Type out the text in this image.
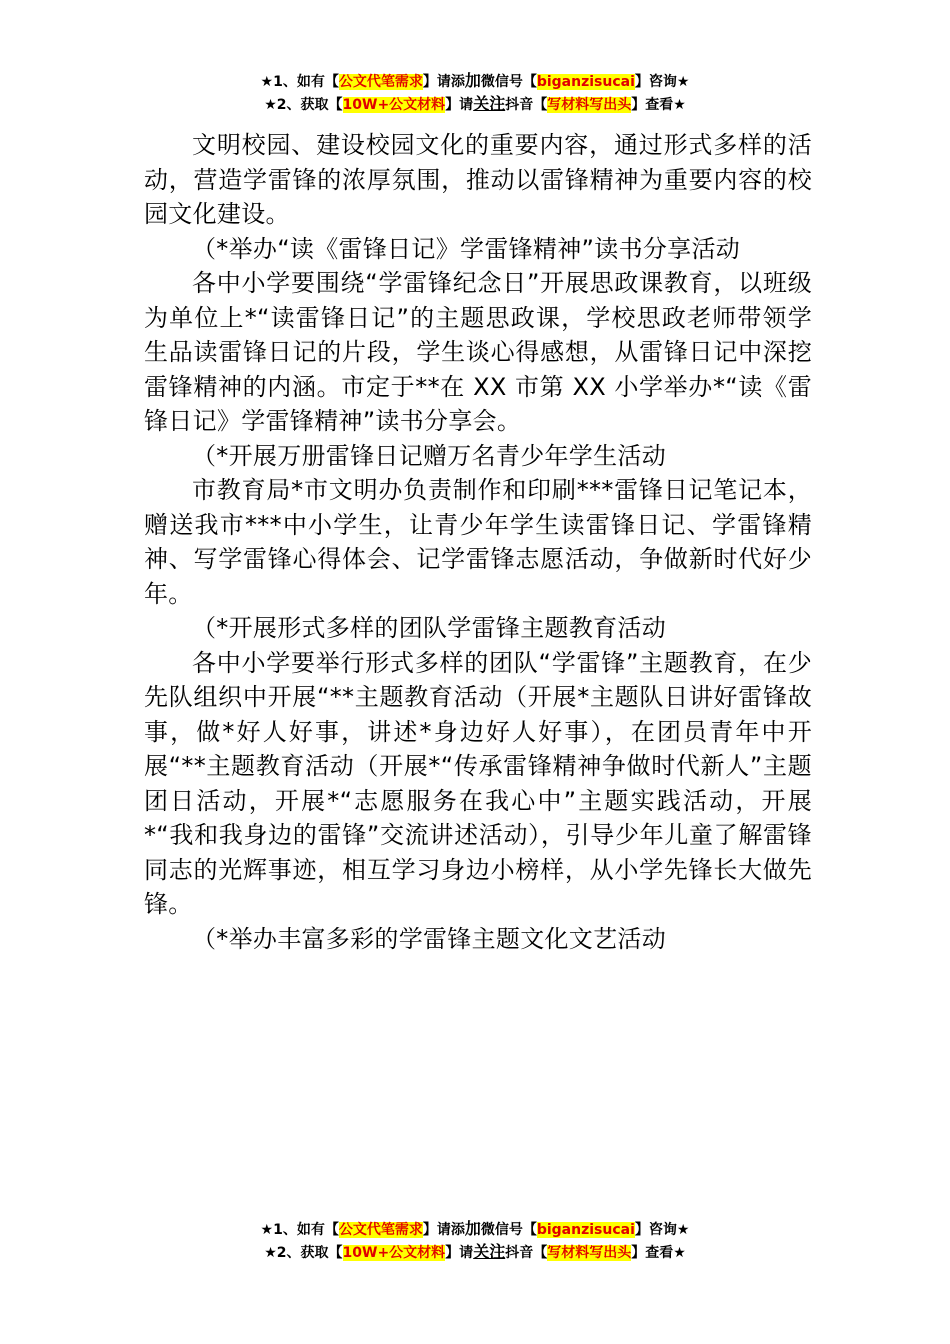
★1、如有【公文代笔需求】请添加微信号【biganzisucai】咨询★
★2、获取【10W+公文材料】请关注抖音【写材料写出头】查看★

文明校园、建设校园文化的重要内容，通过形式多样的活动，营造学雷锋的浓厚氛围，推动以雷锋精神为重要内容的校园文化建设。

（*举办“读《雷锋日记》学雷锋精神”读书分享活动

各中小学要围绕“学雷锋纪念日”开展思政课教育，以班级为单位上*“读雷锋日记”的主题思政课，学校思政老师带领学生品读雷锋日记的片段，学生谈心得感想，从雷锋日记中深挖雷锋精神的内涵。市定于**在 XX 市第 XX 小学举办*“读《雷锋日记》学雷锋精神”读书分享会。

（*开展万册雷锋日记赠万名青少年学生活动

市教育局*市文明办负责制作和印刷***雷锋日记笔记本，赠送我市***中小学生，让青少年学生读雷锋日记、学雷锋精神、写学雷锋心得体会、记学雷锋志愿活动，争做新时代好少年。

（*开展形式多样的团队学雷锋主题教育活动

各中小学要举行形式多样的团队“学雷锋”主题教育，在少先队组织中开展“**主题教育活动（开展*主题队日讲好雷锋故事，做*好人好事，讲述*身边好人好事），在团员青年中开展“**主题教育活动（开展*“传承雷锋精神争做时代新人”主题团日活动，开展*“志愿服务在我心中”主题实践活动，开展*“我和我身边的雷锋”交流讲述活动），引导少年儿童了解雷锋同志的光辉事迹，相互学习身边小榜样，从小学先锋长大做先锋。

（*举办丰富多彩的学雷锋主题文化文艺活动

★1、如有【公文代笔需求】请添加微信号【biganzisucai】咨询★
★2、获取【10W+公文材料】请关注抖音【写材料写出头】查看★
